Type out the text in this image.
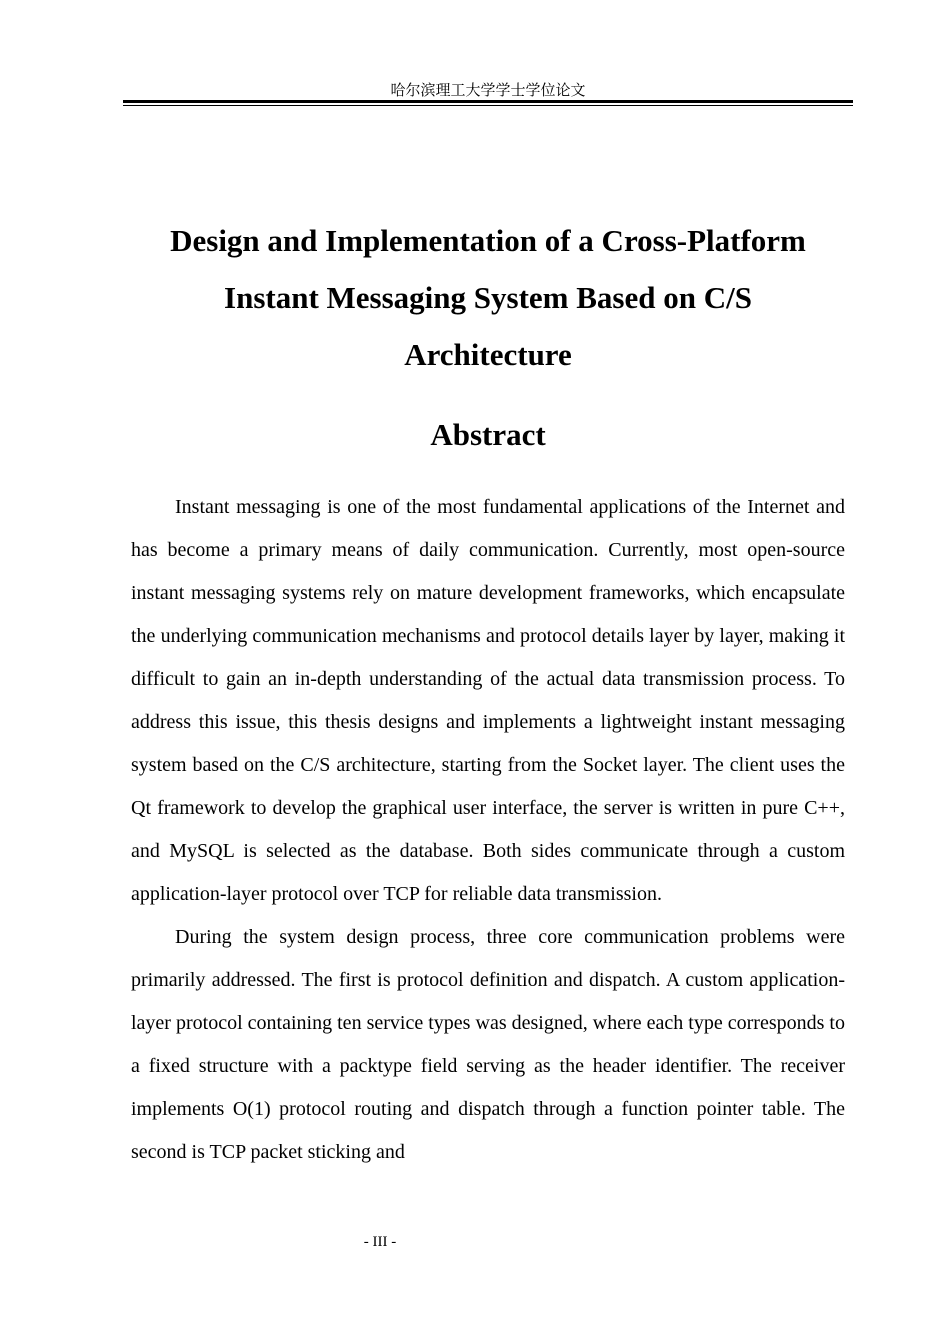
哈尔滨理工大学学士学位论文
Design and Implementation of a Cross-Platform
Instant Messaging System Based on C/S
Architecture
Abstract

Instant messaging is one of the most fundamental applications of the Internet and has become a primary means of daily communication. Currently, most open-source instant messaging systems rely on mature development frameworks, which encapsulate the underlying communication mechanisms and protocol details layer by layer, making it difficult to gain an in-depth understanding of the actual data transmission process. To address this issue, this thesis designs and implements a lightweight instant messaging system based on the C/S architecture, starting from the Socket layer. The client uses the Qt framework to develop the graphical user interface, the server is written in pure C++, and MySQL is selected as the database. Both sides communicate through a custom application-layer protocol over TCP for reliable data transmission.

During the system design process, three core communication problems were primarily addressed. The first is protocol definition and dispatch. A custom application-layer protocol containing ten service types was designed, where each type corresponds to a fixed structure with a packtype field serving as the header identifier. The receiver implements O(1) protocol routing and dispatch through a function pointer table. The second is TCP packet sticking and

- III -
